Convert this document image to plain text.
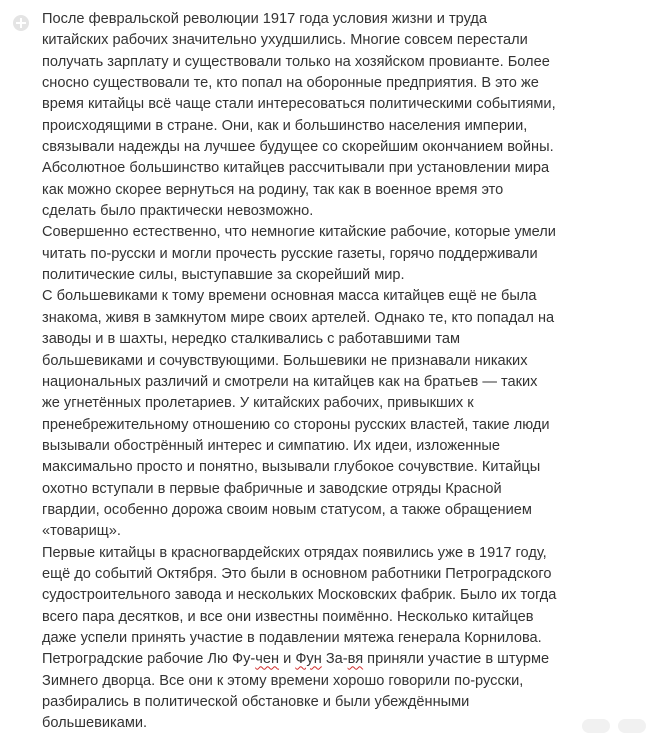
После февральской революции 1917 года условия жизни и труда китайских рабочих значительно ухудшились. Многие совсем перестали получать зарплату и существовали только на хозяйском провианте. Более сносно существовали те, кто попал на оборонные предприятия. В это же время китайцы всё чаще стали интересоваться политическими событиями, происходящими в стране. Они, как и большинство населения империи, связывали надежды на лучшее будущее со скорейшим окончанием войны. Абсолютное большинство китайцев рассчитывали при установлении мира как можно скорее вернуться на родину, так как в военное время это сделать было практически невозможно.

Совершенно естественно, что немногие китайские рабочие, которые умели читать по-русски и могли прочесть русские газеты, горячо поддерживали политические силы, выступавшие за скорейший мир.

С большевиками к тому времени основная масса китайцев ещё не была знакома, живя в замкнутом мире своих артелей. Однако те, кто попадал на заводы и в шахты, нередко сталкивались с работавшими там большевиками и сочувствующими. Большевики не признавали никаких национальных различий и смотрели на китайцев как на братьев — таких же угнетённых пролетариев. У китайских рабочих, привыкших к пренебрежительному отношению со стороны русских властей, такие люди вызывали обострённый интерес и симпатию. Их идеи, изложенные максимально просто и понятно, вызывали глубокое сочувствие. Китайцы охотно вступали в первые фабричные и заводские отряды Красной гвардии, особенно дорожа своим новым статусом, а также обращением «товарищ».

Первые китайцы в красногвардейских отрядах появились уже в 1917 году, ещё до событий Октября. Это были в основном работники Петроградского судостроительного завода и нескольких Московских фабрик. Было их тогда всего пара десятков, и все они известны поимённо. Несколько китайцев даже успели принять участие в подавлении мятежа генерала Корнилова. Петроградские рабочие Лю Фу-чен и Фун За-вя приняли участие в штурме Зимнего дворца. Все они к этому времени хорошо говорили по-русски, разбирались в политической обстановке и были убеждёнными большевиками.
